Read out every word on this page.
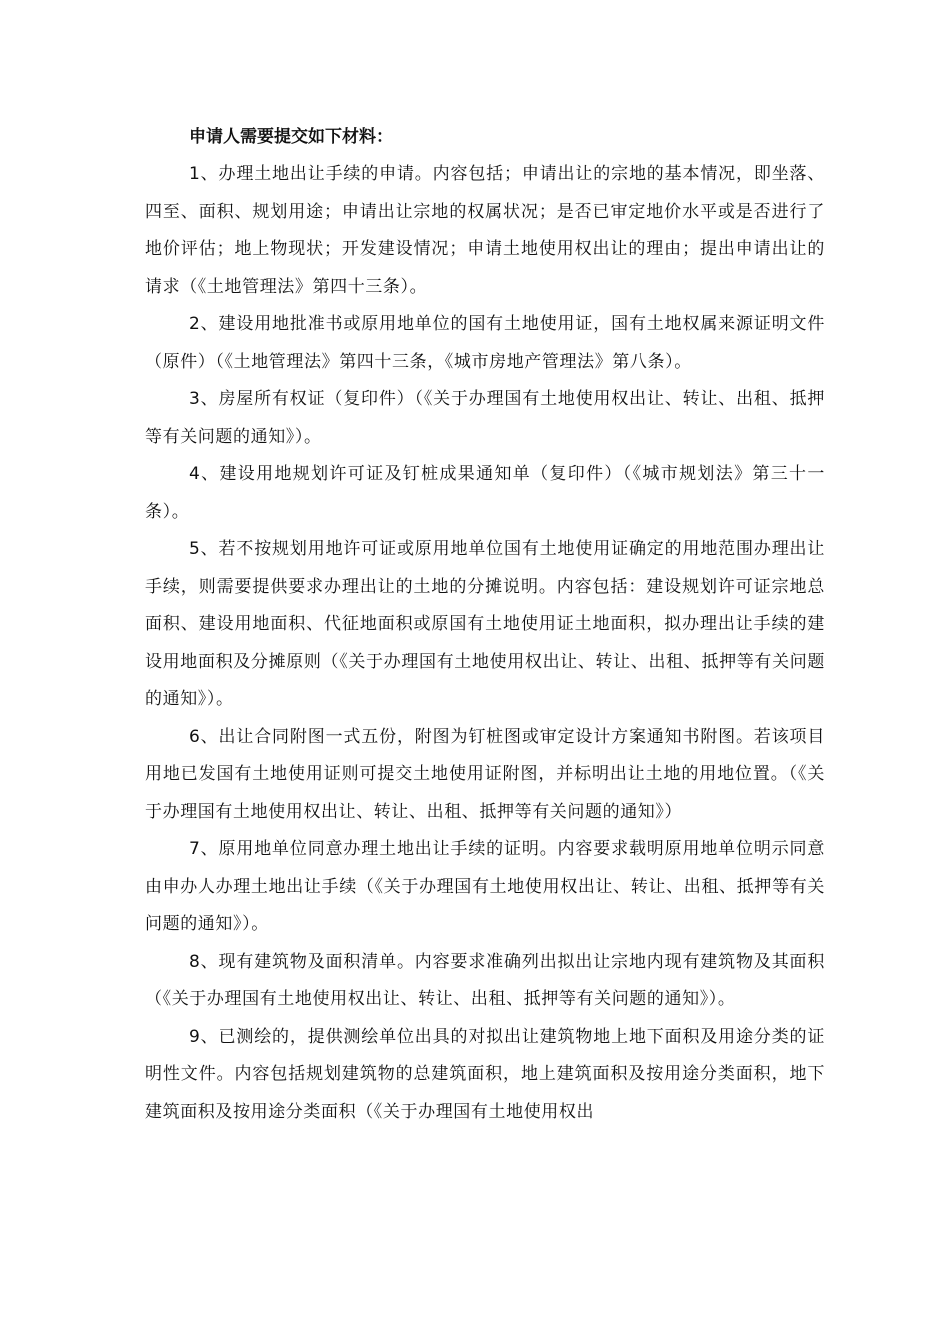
申请人需要提交如下材料：

1、办理土地出让手续的申请。内容包括；申请出让的宗地的基本情况，即坐落、四至、面积、规划用途；申请出让宗地的权属状况；是否已审定地价水平或是否进行了地价评估；地上物现状；开发建设情况；申请土地使用权出让的理由；提出申请出让的请求（《土地管理法》第四十三条）。

2、建设用地批准书或原用地单位的国有土地使用证，国有土地权属来源证明文件（原件）（《土地管理法》第四十三条，《城市房地产管理法》第八条）。

3、房屋所有权证（复印件）（《关于办理国有土地使用权出让、转让、出租、抵押等有关问题的通知》）。

4、建设用地规划许可证及钉桩成果通知单（复印件）（《城市规划法》第三十一条）。

5、若不按规划用地许可证或原用地单位国有土地使用证确定的用地范围办理出让手续，则需要提供要求办理出让的土地的分摊说明。内容包括：建设规划许可证宗地总面积、建设用地面积、代征地面积或原国有土地使用证土地面积，拟办理出让手续的建设用地面积及分摊原则（《关于办理国有土地使用权出让、转让、出租、抵押等有关问题的通知》）。

6、出让合同附图一式五份，附图为钉桩图或审定设计方案通知书附图。若该项目用地已发国有土地使用证则可提交土地使用证附图，并标明出让土地的用地位置。（《关于办理国有土地使用权出让、转让、出租、抵押等有关问题的通知》）

7、原用地单位同意办理土地出让手续的证明。内容要求载明原用地单位明示同意由申办人办理土地出让手续（《关于办理国有土地使用权出让、转让、出租、抵押等有关问题的通知》）。

8、现有建筑物及面积清单。内容要求准确列出拟出让宗地内现有建筑物及其面积（《关于办理国有土地使用权出让、转让、出租、抵押等有关问题的通知》）。

9、已测绘的，提供测绘单位出具的对拟出让建筑物地上地下面积及用途分类的证明性文件。内容包括规划建筑物的总建筑面积，地上建筑面积及按用途分类面积，地下建筑面积及按用途分类面积（《关于办理国有土地使用权出
